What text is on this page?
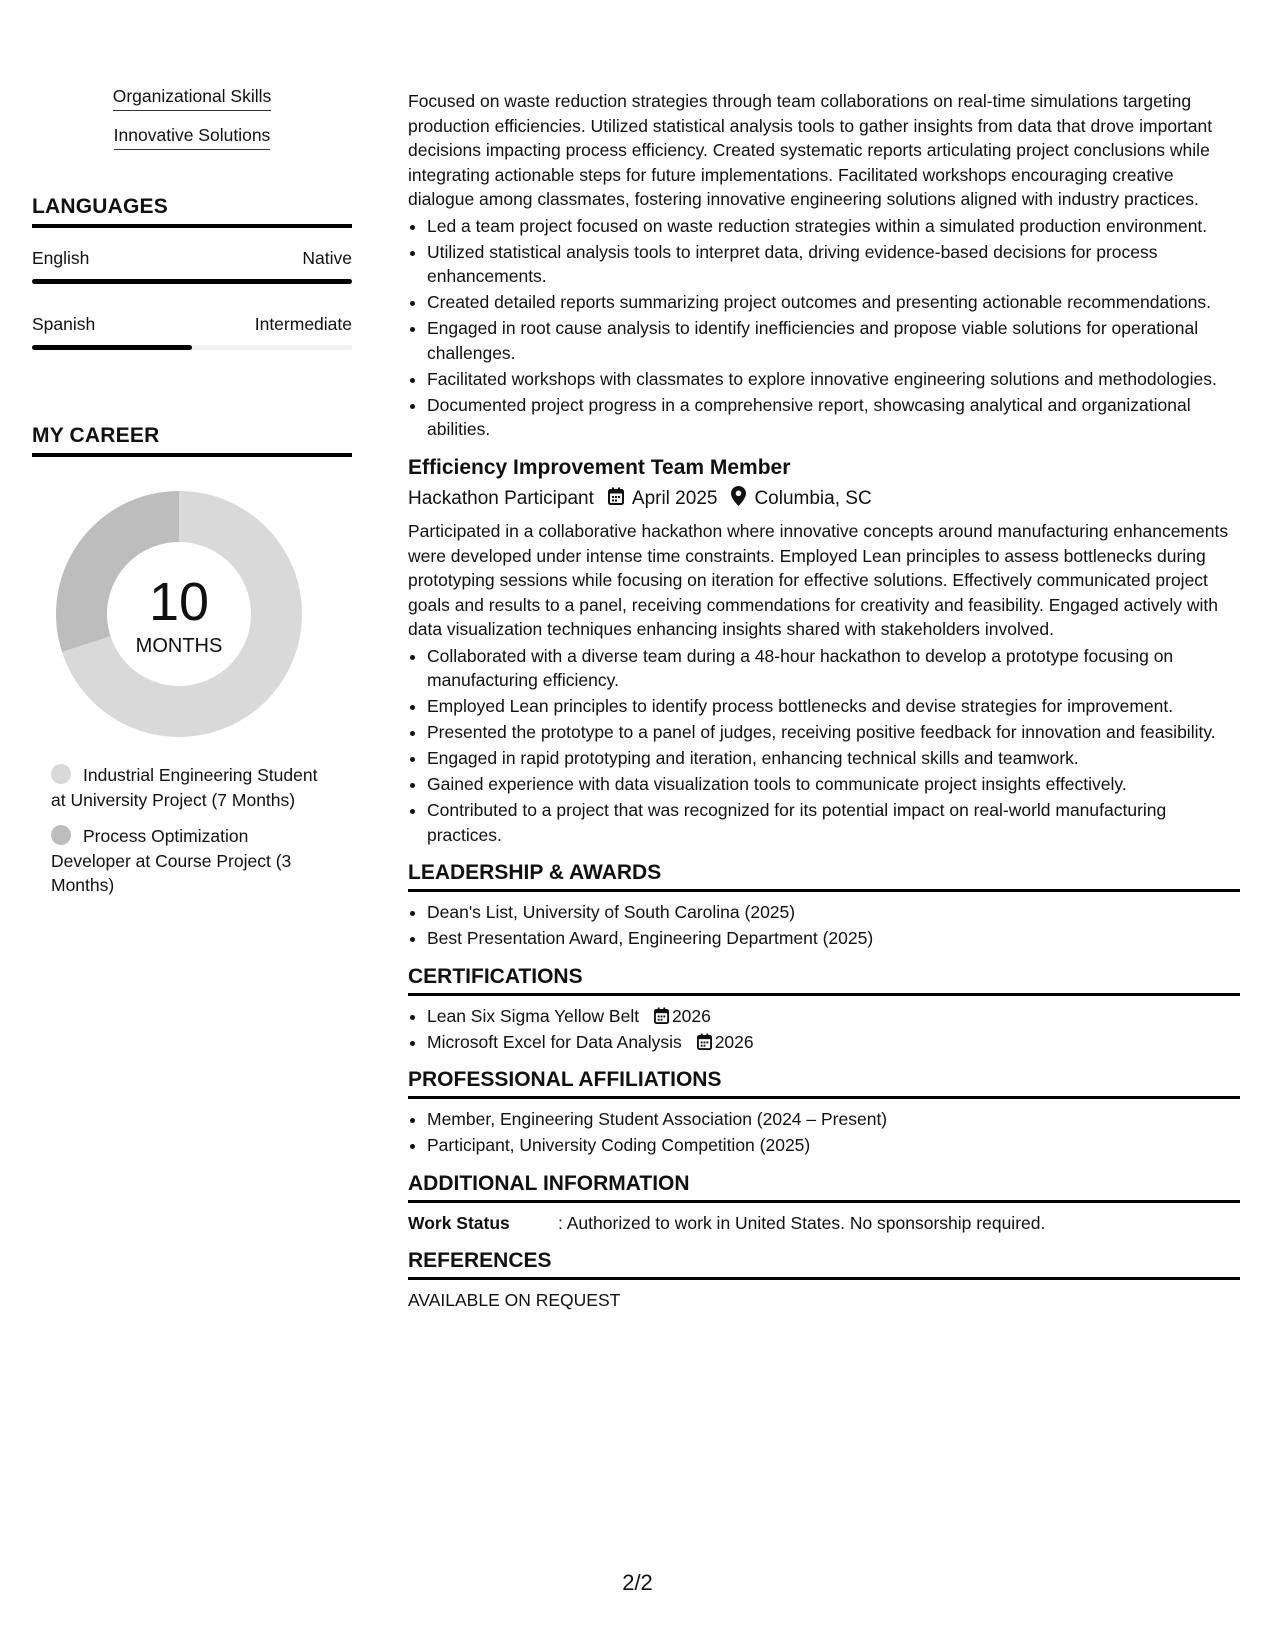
Organizational Skills
Innovative Solutions
LANGUAGES
English	Native
Spanish	Intermediate
MY CAREER
10
MONTHS
Industrial Engineering Student at University Project (7 Months)
Process Optimization Developer at Course Project (3 Months)

Focused on waste reduction strategies through team collaborations on real-time simulations targeting production efficiencies. Utilized statistical analysis tools to gather insights from data that drove important decisions impacting process efficiency. Created systematic reports articulating project conclusions while integrating actionable steps for future implementations. Facilitated workshops encouraging creative dialogue among classmates, fostering innovative engineering solutions aligned with industry practices.

• Led a team project focused on waste reduction strategies within a simulated production environment.
• Utilized statistical analysis tools to interpret data, driving evidence-based decisions for process enhancements.
• Created detailed reports summarizing project outcomes and presenting actionable recommendations.
• Engaged in root cause analysis to identify inefficiencies and propose viable solutions for operational challenges.
• Facilitated workshops with classmates to explore innovative engineering solutions and methodologies.
• Documented project progress in a comprehensive report, showcasing analytical and organizational abilities.
Efficiency Improvement Team Member
Hackathon Participant April 2025 Columbia, SC

Participated in a collaborative hackathon where innovative concepts around manufacturing enhancements were developed under intense time constraints. Employed Lean principles to assess bottlenecks during prototyping sessions while focusing on iteration for effective solutions. Effectively communicated project goals and results to a panel, receiving commendations for creativity and feasibility. Engaged actively with data visualization techniques enhancing insights shared with stakeholders involved.

• Collaborated with a diverse team during a 48-hour hackathon to develop a prototype focusing on manufacturing efficiency.
• Employed Lean principles to identify process bottlenecks and devise strategies for improvement.
• Presented the prototype to a panel of judges, receiving positive feedback for innovation and feasibility.
• Engaged in rapid prototyping and iteration, enhancing technical skills and teamwork.
• Gained experience with data visualization tools to communicate project insights effectively.
• Contributed to a project that was recognized for its potential impact on real-world manufacturing practices.
LEADERSHIP & AWARDS
• Dean's List, University of South Carolina (2025)
• Best Presentation Award, Engineering Department (2025)
CERTIFICATIONS
• Lean Six Sigma Yellow Belt 2026
• Microsoft Excel for Data Analysis 2026
PROFESSIONAL AFFILIATIONS
• Member, Engineering Student Association (2024 – Present)
• Participant, University Coding Competition (2025)
ADDITIONAL INFORMATION
Work Status	: Authorized to work in United States. No sponsorship required.
REFERENCES
AVAILABLE ON REQUEST
2/2
